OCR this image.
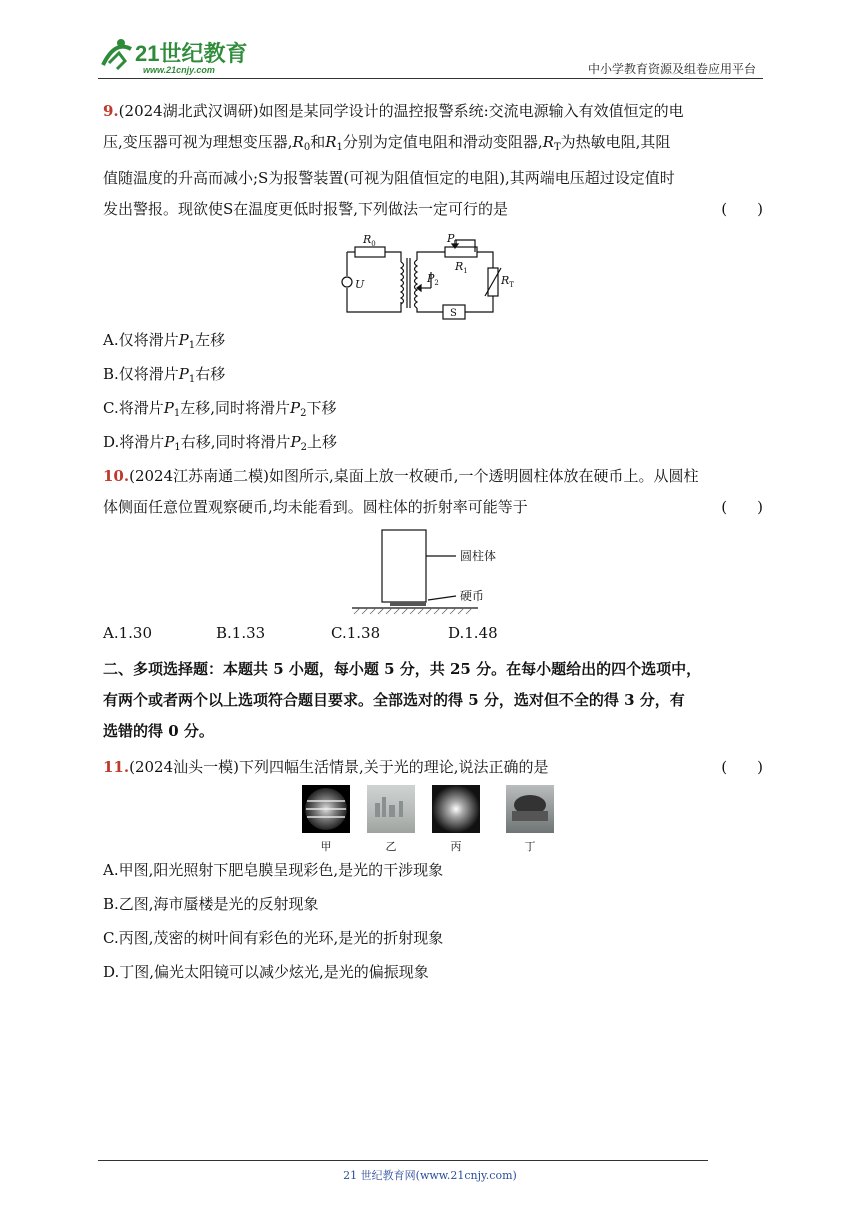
21世纪教育
www.21cnjy.com	中小学教育资源及组卷应用平台
9.(2024湖北武汉调研)如图是某同学设计的温控报警系统:交流电源输入有效值恒定的电
压,变压器可视为理想变压器$,R_0$和$R_1$分别为定值电阻和滑动变阻器$,R_T$为热敏电阻,其阻
值随温度的升高而减小;S为报警装置(可视为阻值恒定的电阻),其两端电压超过设定值时
发出警报。现欲使S在温度更低时报警,下列做法一定可行的是	(　　)
$R_0$	$P_1$
$R_1$
$R_T$
U	$P_2$
S
A.仅将滑片$P_1$左移
B.仅将滑片$P_1$右移
C.将滑片$P_1$左移,同时将滑片$P_2$下移
D.将滑片$P_1$右移,同时将滑片$P_2$上移
10.(2024江苏南通二模)如图所示,桌面上放一枚硬币,一个透明圆柱体放在硬币上。从圆柱
体侧面任意位置观察硬币,均未能看到。圆柱体的折射率可能等于	(　　)
圆柱体
硬币
A.1.30	B.1.33	C.1.38	D.1.48
二、多项选择题：本题共 5 小题，每小题 5 分，共 25 分。在每小题给出的四个选项中，
有两个或者两个以上选项符合题目要求。全部选对的得 5 分，选对但不全的得 3 分，有
选错的得 0 分。
11.(2024汕头一模)下列四幅生活情景,关于光的理论,说法正确的是	(　　)
甲	乙	丙	丁
A.甲图,阳光照射下肥皂膜呈现彩色,是光的干涉现象
B.乙图,海市蜃楼是光的反射现象
C.丙图,茂密的树叶间有彩色的光环,是光的折射现象
D.丁图,偏光太阳镜可以减少炫光,是光的偏振现象
21 世纪教育网(www.21cnjy.com)
